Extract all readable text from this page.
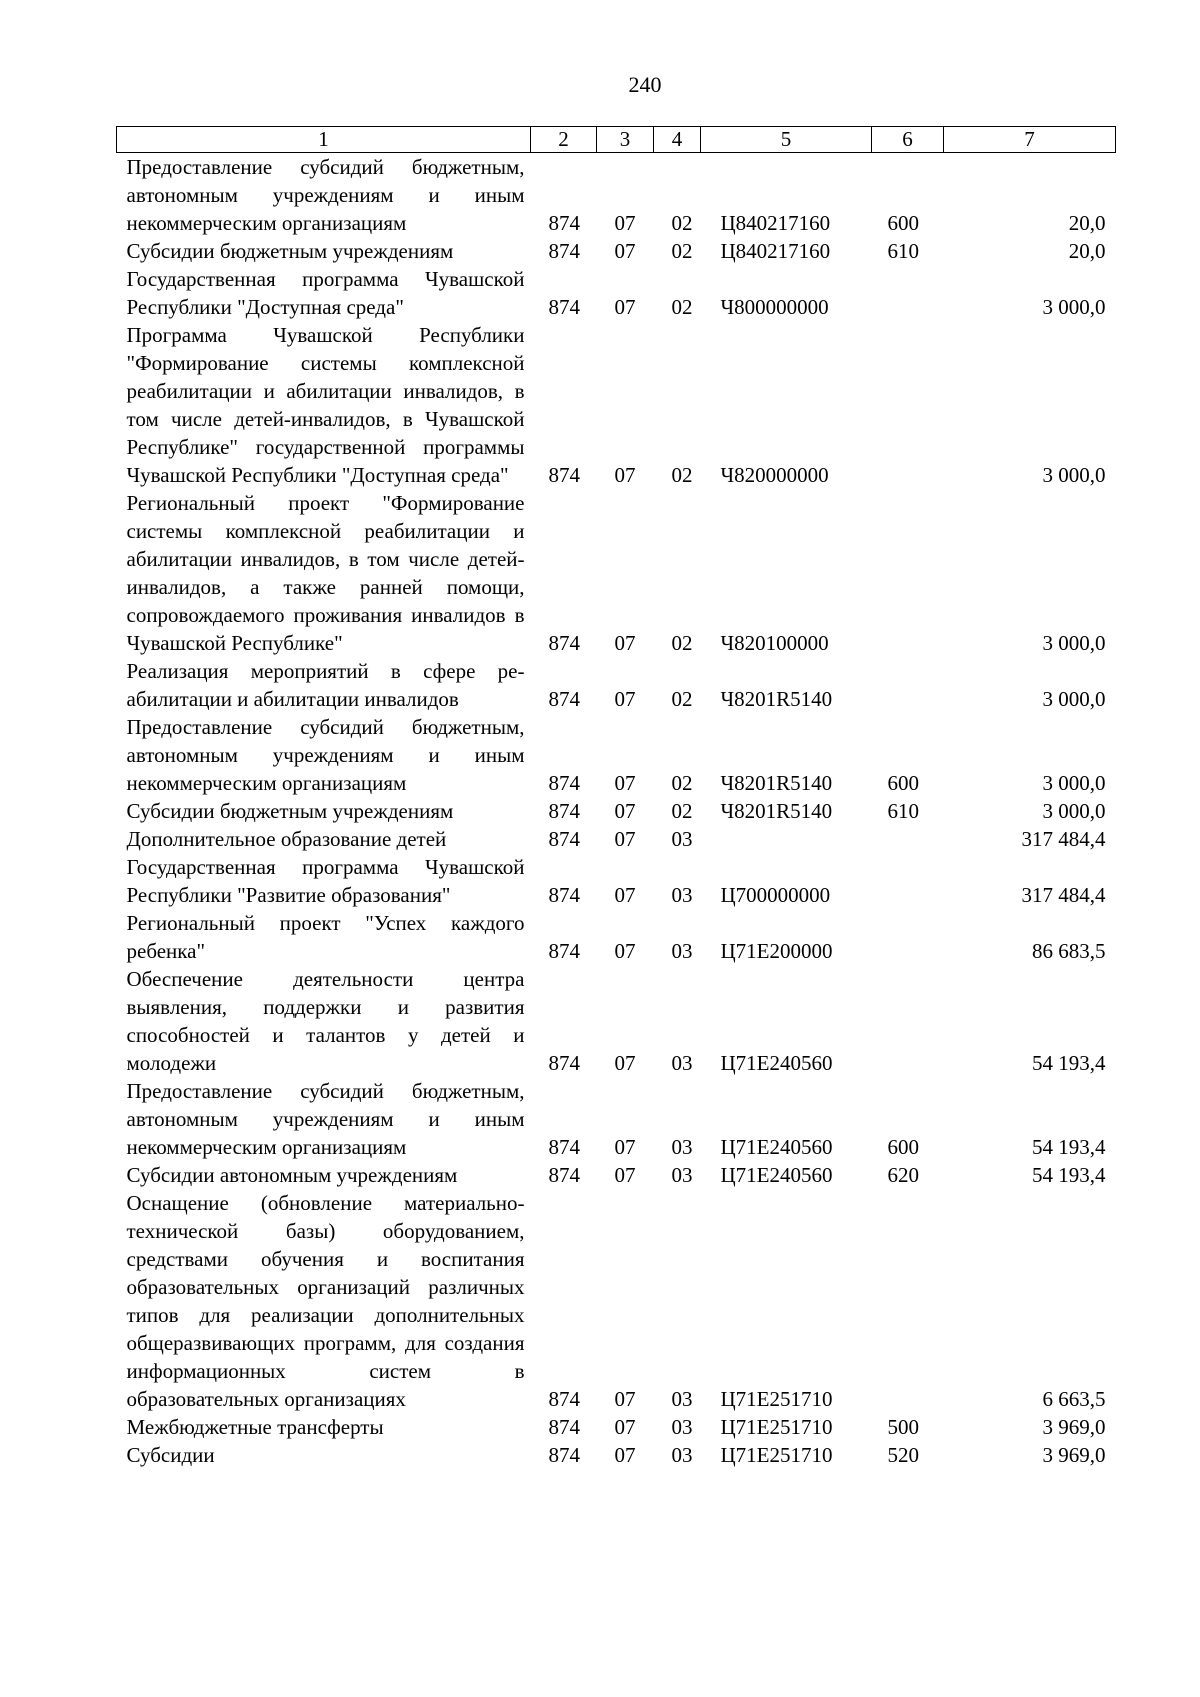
240
1	2	3	4	5	6	7
Предоставление субсидий бюджетным, автономным учреждениям и иным некоммерческим организациям	874	07	02	Ц840217160	600	20,0
Субсидии бюджетным учреждениям	874	07	02	Ц840217160	610	20,0
Государственная программа Чувашской Республики "Доступная среда"	874	07	02	Ч800000000		3 000,0
Программа Чувашской Республики "Формирование системы комплексной реабилитации и абилитации инвалидов, в том числе детей-инвалидов, в Чувашской Республике" государственной программы Чувашской Республики "Доступная среда"	874	07	02	Ч820000000		3 000,0
Региональный проект "Формирование системы комплексной реабилитации и абилитации инвалидов, в том числе детей-инвалидов, а также ранней помощи, сопровождаемого проживания инвалидов в Чувашской Республике"	874	07	02	Ч820100000		3 000,0
Реализация мероприятий в сфере реабилитации и абилитации инвалидов	874	07	02	Ч8201R5140		3 000,0
Предоставление субсидий бюджетным, автономным учреждениям и иным некоммерческим организациям	874	07	02	Ч8201R5140	600	3 000,0
Субсидии бюджетным учреждениям	874	07	02	Ч8201R5140	610	3 000,0
Дополнительное образование детей	874	07	03			317 484,4
Государственная программа Чувашской Республики "Развитие образования"	874	07	03	Ц700000000		317 484,4
Региональный проект "Успех каждого ребенка"	874	07	03	Ц71Е200000		86 683,5
Обеспечение деятельности центра выявления, поддержки и развития способностей и талантов у детей и молодежи	874	07	03	Ц71Е240560		54 193,4
Предоставление субсидий бюджетным, автономным учреждениям и иным некоммерческим организациям	874	07	03	Ц71Е240560	600	54 193,4
Субсидии автономным учреждениям	874	07	03	Ц71Е240560	620	54 193,4
Оснащение (обновление материально-технической базы) оборудованием, средствами обучения и воспитания образовательных организаций различных типов для реализации дополнительных общеразвивающих программ, для создания информационных систем в образовательных организациях	874	07	03	Ц71Е251710		6 663,5
Межбюджетные трансферты	874	07	03	Ц71Е251710	500	3 969,0
Субсидии	874	07	03	Ц71Е251710	520	3 969,0
